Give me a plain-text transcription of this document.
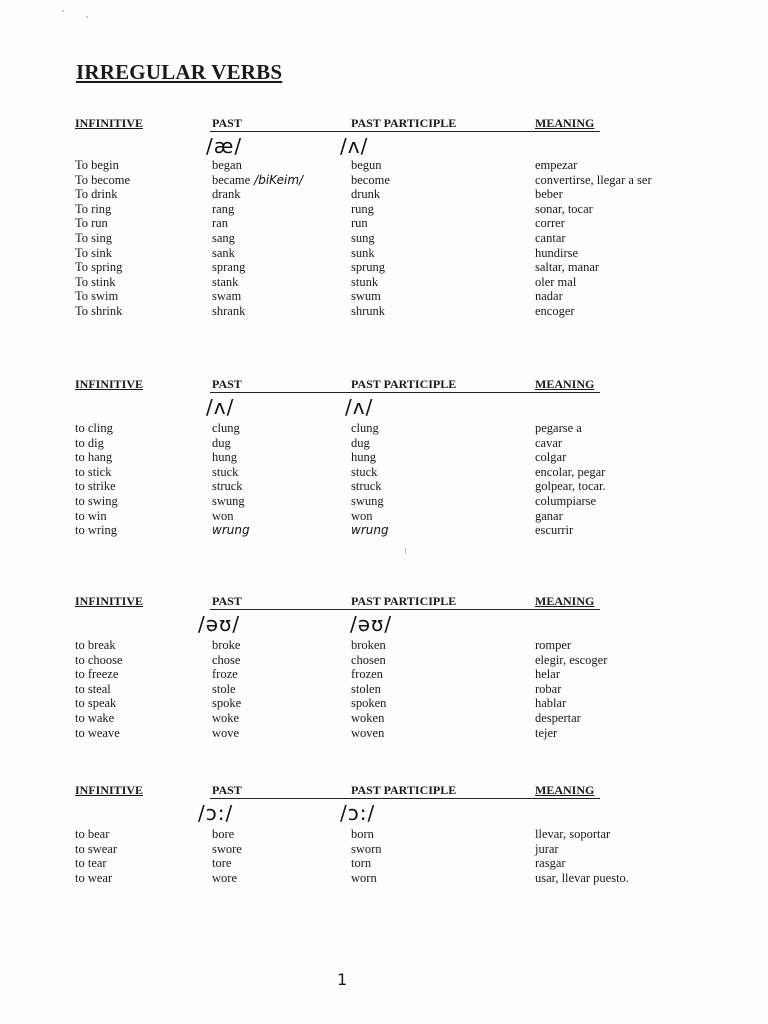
IRREGULAR VERBS
INFINITIVE	PAST	PAST PARTICIPLE	MEANING
/æ/	/ʌ/
To begin	began	begun	empezar
To become	became /biKeim/	become	convertirse, llegar a ser
To drink	drank	drunk	beber
To ring	rang	rung	sonar, tocar
To run	ran	run	correr
To sing	sang	sung	cantar
To sink	sank	sunk	hundirse
To spring	sprang	sprung	saltar, manar
To stink	stank	stunk	oler mal
To swim	swam	swum	nadar
To shrink	shrank	shrunk	encoger
INFINITIVE	PAST	PAST PARTICIPLE	MEANING
/ʌ/	/ʌ/
to cling	clung	clung	pegarse a
to dig	dug	dug	cavar
to hang	hung	hung	colgar
to stick	stuck	stuck	encolar, pegar
to strike	struck	struck	golpear, tocar.
to swing	swung	swung	columpiarse
to win	won	won	ganar
to wring	wrung	wrung	escurrir
INFINITIVE	PAST	PAST PARTICIPLE	MEANING
/əʊ/	/əʊ/
to break	broke	broken	romper
to choose	chose	chosen	elegir, escoger
to freeze	froze	frozen	helar
to steal	stole	stolen	robar
to speak	spoke	spoken	hablar
to wake	woke	woken	despertar
to weave	wove	woven	tejer
INFINITIVE	PAST	PAST PARTICIPLE	MEANING
/ɔ:/	/ɔ:/
to bear	bore	born	llevar, soportar
to swear	swore	sworn	jurar
to tear	tore	torn	rasgar
to wear	wore	worn	usar, llevar puesto.
1
